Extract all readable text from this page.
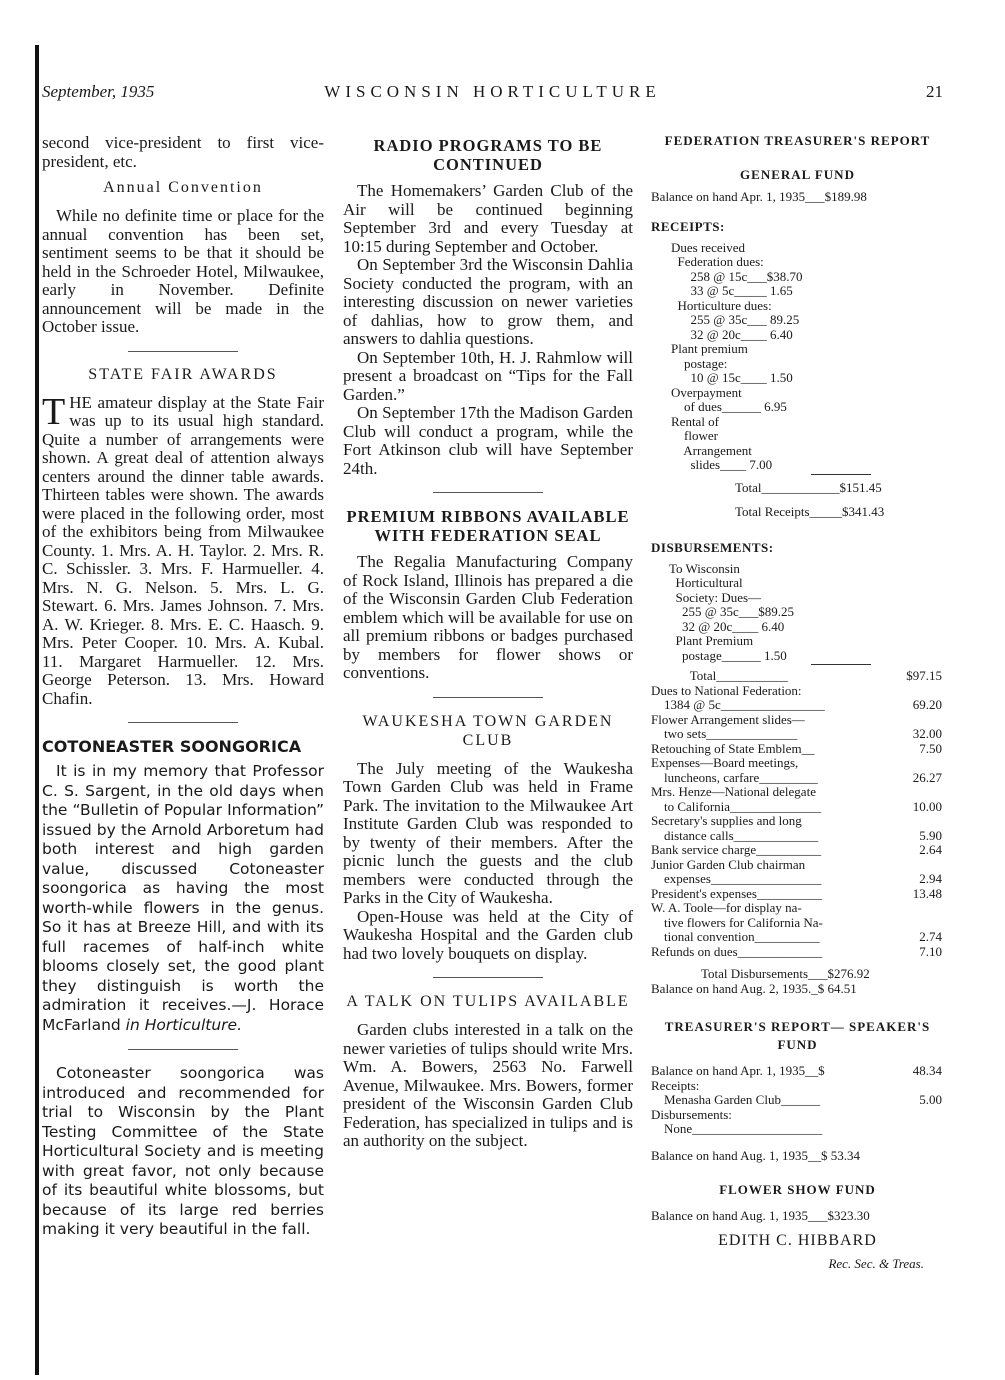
September, 1935	WISCONSIN HORTICULTURE	21

second vice-president to first vice-president, etc.

Annual Convention

While no definite time or place for the annual convention has been set, sentiment seems to be that it should be held in the Schroeder Hotel, Milwaukee, early in November. Definite announcement will be made in the October issue.

STATE FAIR AWARDS

THE amateur display at the State Fair was up to its usual high standard. Quite a number of arrangements were shown. A great deal of attention always centers around the dinner table awards. Thirteen tables were shown. The awards were placed in the following order, most of the exhibitors being from Milwaukee County. 1. Mrs. A. H. Taylor. 2. Mrs. R. C. Schissler. 3. Mrs. F. Harmueller. 4. Mrs. N. G. Nelson. 5. Mrs. L. G. Stewart. 6. Mrs. James Johnson. 7. Mrs. A. W. Krieger. 8. Mrs. E. C. Haasch. 9. Mrs. Peter Cooper. 10. Mrs. A. Kubal. 11. Margaret Harmueller. 12. Mrs. George Peterson. 13. Mrs. Howard Chafin.

COTONEASTER SOONGORICA

It is in my memory that Professor C. S. Sargent, in the old days when the “Bulletin of Popular Information” issued by the Arnold Arboretum had both interest and high garden value, discussed Cotoneaster soongorica as having the most worth-while flowers in the genus. So it has at Breeze Hill, and with its full racemes of half-inch white blooms closely set, the good plant they distinguish is worth the admiration it receives.—J. Horace McFarland in Horticulture.

Cotoneaster soongorica was introduced and recommended for trial to Wisconsin by the Plant Testing Committee of the State Horticultural Society and is meeting with great favor, not only because of its beautiful white blossoms, but because of its large red berries making it very beautiful in the fall.

RADIO PROGRAMS TO BE CONTINUED

The Homemakers’ Garden Club of the Air will be continued beginning September 3rd and every Tuesday at 10:15 during September and October.

On September 3rd the Wisconsin Dahlia Society conducted the program, with an interesting discussion on newer varieties of dahlias, how to grow them, and answers to dahlia questions.

On September 10th, H. J. Rahmlow will present a broadcast on “Tips for the Fall Garden.”

On September 17th the Madison Garden Club will conduct a program, while the Fort Atkinson club will have September 24th.

PREMIUM RIBBONS AVAILABLE WITH FEDERATION SEAL

The Regalia Manufacturing Company of Rock Island, Illinois has prepared a die of the Wisconsin Garden Club Federation emblem which will be available for use on all premium ribbons or badges purchased by members for flower shows or conventions.

WAUKESHA TOWN GARDEN CLUB

The July meeting of the Waukesha Town Garden Club was held in Frame Park. The invitation to the Milwaukee Art Institute Garden Club was responded to by twenty of their members. After the picnic lunch the guests and the club members were conducted through the Parks in the City of Waukesha.

Open-House was held at the City of Waukesha Hospital and the Garden club had two lovely bouquets on display.

A TALK ON TULIPS AVAILABLE

Garden clubs interested in a talk on the newer varieties of tulips should write Mrs. Wm. A. Bowers, 2563 No. Farwell Avenue, Milwaukee. Mrs. Bowers, former president of the Wisconsin Garden Club Federation, has specialized in tulips and is an authority on the subject.

FEDERATION TREASURER'S REPORT
GENERAL FUND
Balance on hand Apr. 1, 1935___$189.98
RECEIPTS:
Dues received
Federation dues:
258 @ 15c___$38.70
33 @ 5c_____ 1.65
Horticulture dues:
255 @ 35c___ 89.25
32 @ 20c____ 6.40
Plant premium
postage:
10 @ 15c____ 1.50
Overpayment
of dues______ 6.95
Rental of
flower
Arrangement
slides____ 7.00
Total____________$151.45
Total Receipts_____$341.43
DISBURSEMENTS:
To Wisconsin
Horticultural
Society: Dues—
255 @ 35c___$89.25
32 @ 20c____ 6.40
Plant Premium
postage______ 1.50
Total___________	$97.15
Dues to National Federation:
1384 @ 5c________________	69.20
Flower Arrangement slides—
two sets______________	32.00
Retouching of State Emblem__	7.50
Expenses—Board meetings,
luncheons, carfare_________	26.27
Mrs. Henze—National delegate
to California______________	10.00
Secretary's supplies and long
distance calls_____________	5.90
Bank service charge__________	2.64
Junior Garden Club chairman
expenses_________________	2.94
President's expenses__________	13.48
W. A. Toole—for display na-
tive flowers for California Na-
tional convention__________	2.74
Refunds on dues_____________	7.10
Total Disbursements___$276.92
Balance on hand Aug. 2, 1935._$ 64.51
TREASURER'S REPORT— SPEAKER'S FUND
Balance on hand Apr. 1, 1935__$	48.34
Receipts:
Menasha Garden Club______	5.00
Disbursements:
None____________________
Balance on hand Aug. 1, 1935__$ 53.34
FLOWER SHOW FUND
Balance on hand Aug. 1, 1935___$323.30
EDITH C. HIBBARD
Rec. Sec. & Treas.
